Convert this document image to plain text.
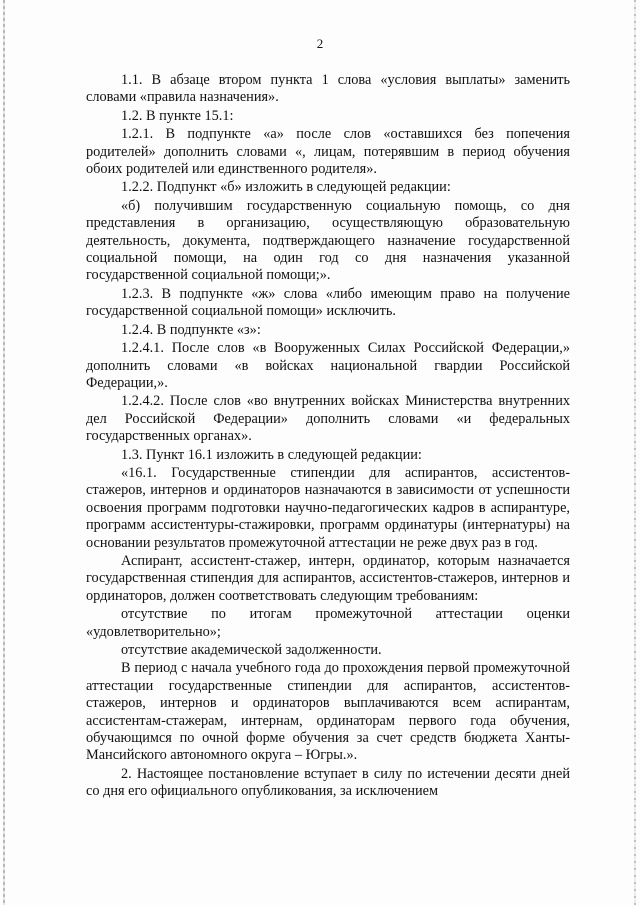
2

1.1. В абзаце втором пункта 1 слова «условия выплаты» заменить словами «правила назначения».

1.2. В пункте 15.1:

1.2.1. В подпункте «а» после слов «оставшихся без попечения родителей» дополнить словами «, лицам, потерявшим в период обучения обоих родителей или единственного родителя».

1.2.2. Подпункт «б» изложить в следующей редакции:

«б) получившим государственную социальную помощь, со дня представления в организацию, осуществляющую образовательную деятельность, документа, подтверждающего назначение государственной социальной помощи, на один год со дня назначения указанной государственной социальной помощи;».

1.2.3. В подпункте «ж» слова «либо имеющим право на получение государственной социальной помощи» исключить.

1.2.4. В подпункте «з»:

1.2.4.1. После слов «в Вооруженных Силах Российской Федерации,» дополнить словами «в войсках национальной гвардии Российской Федерации,».

1.2.4.2. После слов «во внутренних войсках Министерства внутренних дел Российской Федерации» дополнить словами «и федеральных государственных органах».

1.3. Пункт 16.1 изложить в следующей редакции:

«16.1. Государственные стипендии для аспирантов, ассистентов-стажеров, интернов и ординаторов назначаются в зависимости от успешности освоения программ подготовки научно-педагогических кадров в аспирантуре, программ ассистентуры-стажировки, программ ординатуры (интернатуры) на основании результатов промежуточной аттестации не реже двух раз в год.

Аспирант, ассистент-стажер, интерн, ординатор, которым назначается государственная стипендия для аспирантов, ассистентов-стажеров, интернов и ординаторов, должен соответствовать следующим требованиям:

отсутствие по итогам промежуточной аттестации оценки «удовлетворительно»;

отсутствие академической задолженности.

В период с начала учебного года до прохождения первой промежуточной аттестации государственные стипендии для аспирантов, ассистентов-стажеров, интернов и ординаторов выплачиваются всем аспирантам, ассистентам-стажерам, интернам, ординаторам первого года обучения, обучающимся по очной форме обучения за счет средств бюджета Ханты-Мансийского автономного округа – Югры.».

2. Настоящее постановление вступает в силу по истечении десяти дней со дня его официального опубликования, за исключением
